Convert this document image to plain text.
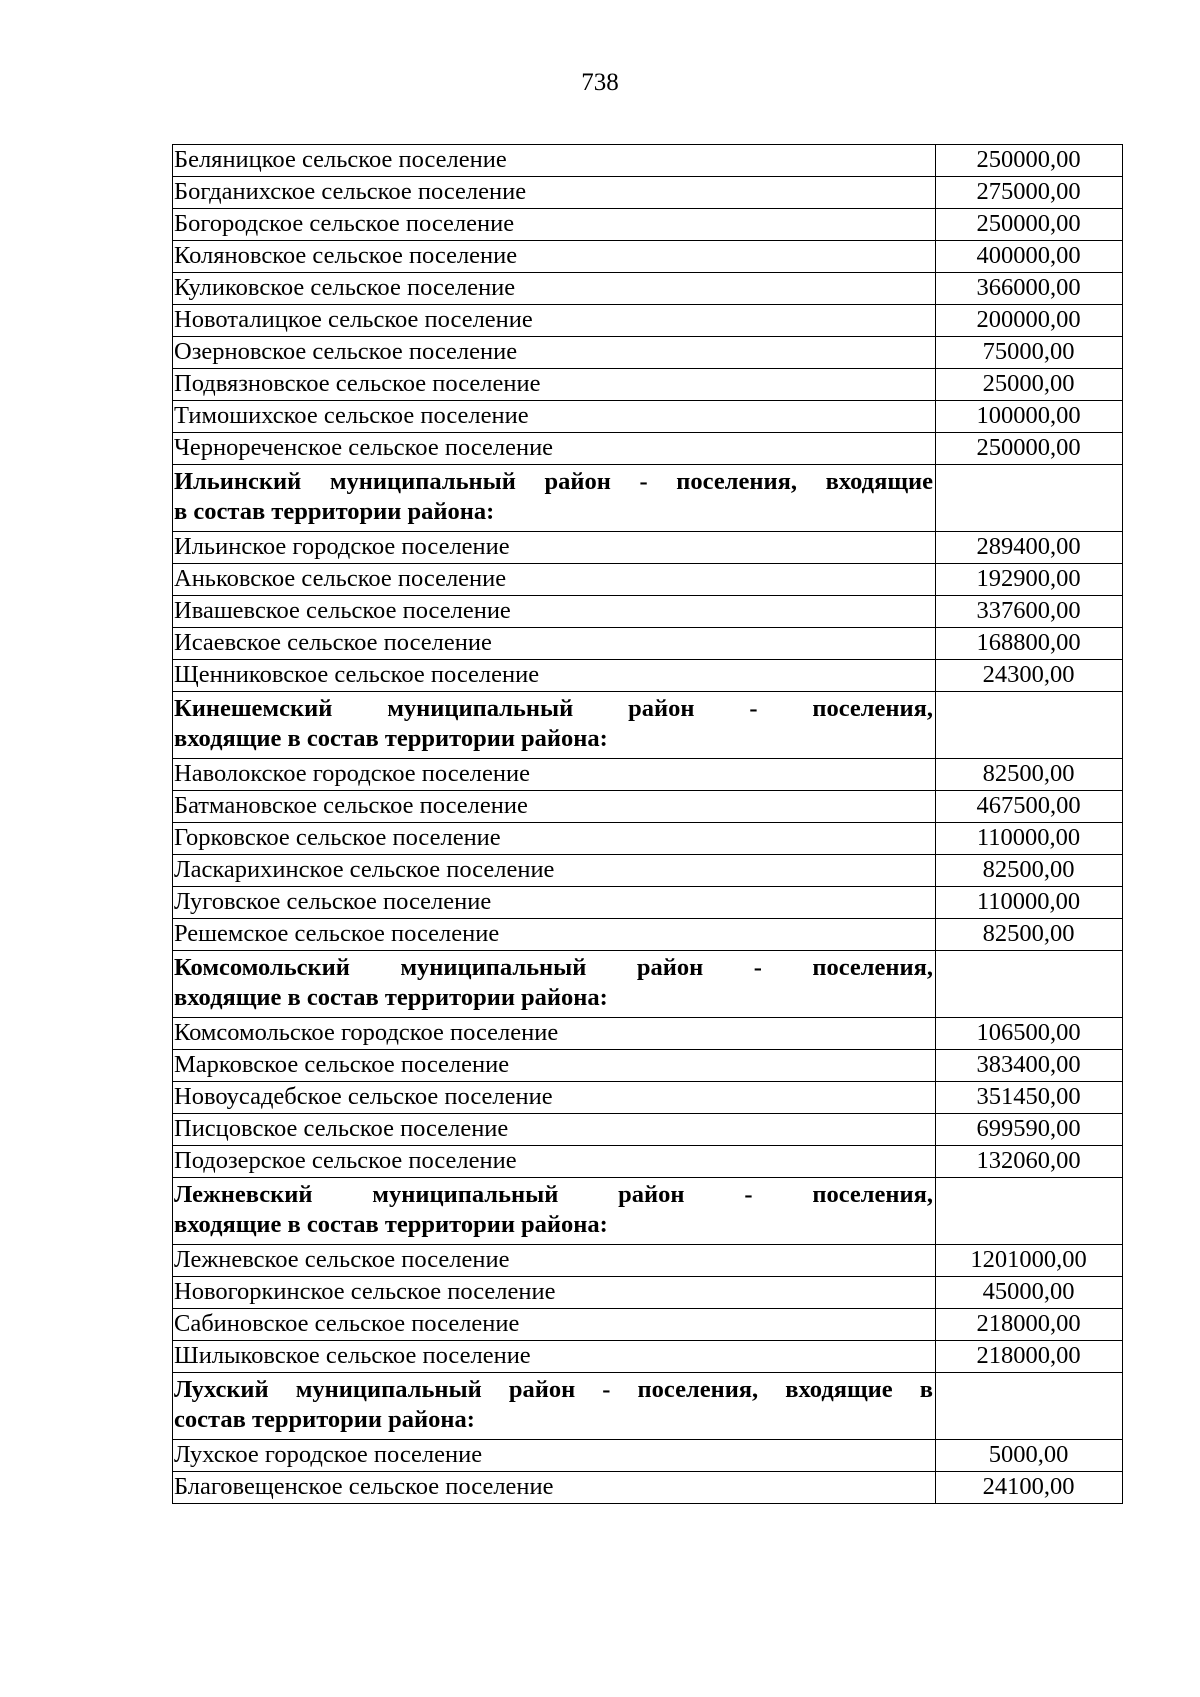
738
Беляницкое сельское поселение	250000,00
Богданихское сельское поселение	275000,00
Богородское сельское поселение	250000,00
Коляновское сельское поселение	400000,00
Куликовское сельское поселение	366000,00
Новоталицкое сельское поселение	200000,00
Озерновское сельское поселение	75000,00
Подвязновское сельское поселение	25000,00
Тимошихское сельское поселение	100000,00
Чернореченское сельское поселение	250000,00

Ильинский муниципальный район - поселения, входящие
в состав территории района:	

Ильинское городское поселение	289400,00
Аньковское сельское поселение	192900,00
Ивашевское сельское поселение	337600,00
Исаевское сельское поселение	168800,00
Щенниковское сельское поселение	24300,00

Кинешемский муниципальный район - поселения,
входящие в состав территории района:	

Наволокское городское поселение	82500,00
Батмановское сельское поселение	467500,00
Горковское сельское поселение	110000,00
Ласкарихинское сельское поселение	82500,00
Луговское сельское поселение	110000,00
Решемское сельское поселение	82500,00

Комсомольский муниципальный район - поселения,
входящие в состав территории района:	

Комсомольское городское поселение	106500,00
Марковское сельское поселение	383400,00
Новоусадебское сельское поселение	351450,00
Писцовское сельское поселение	699590,00
Подозерское сельское поселение	132060,00

Лежневский муниципальный район - поселения,
входящие в состав территории района:	

Лежневское сельское поселение	1201000,00
Новогоркинское сельское поселение	45000,00
Сабиновское сельское поселение	218000,00
Шилыковское сельское поселение	218000,00

Лухский муниципальный район - поселения, входящие в
состав территории района:	

Лухское городское поселение	5000,00
Благовещенское сельское поселение	24100,00
